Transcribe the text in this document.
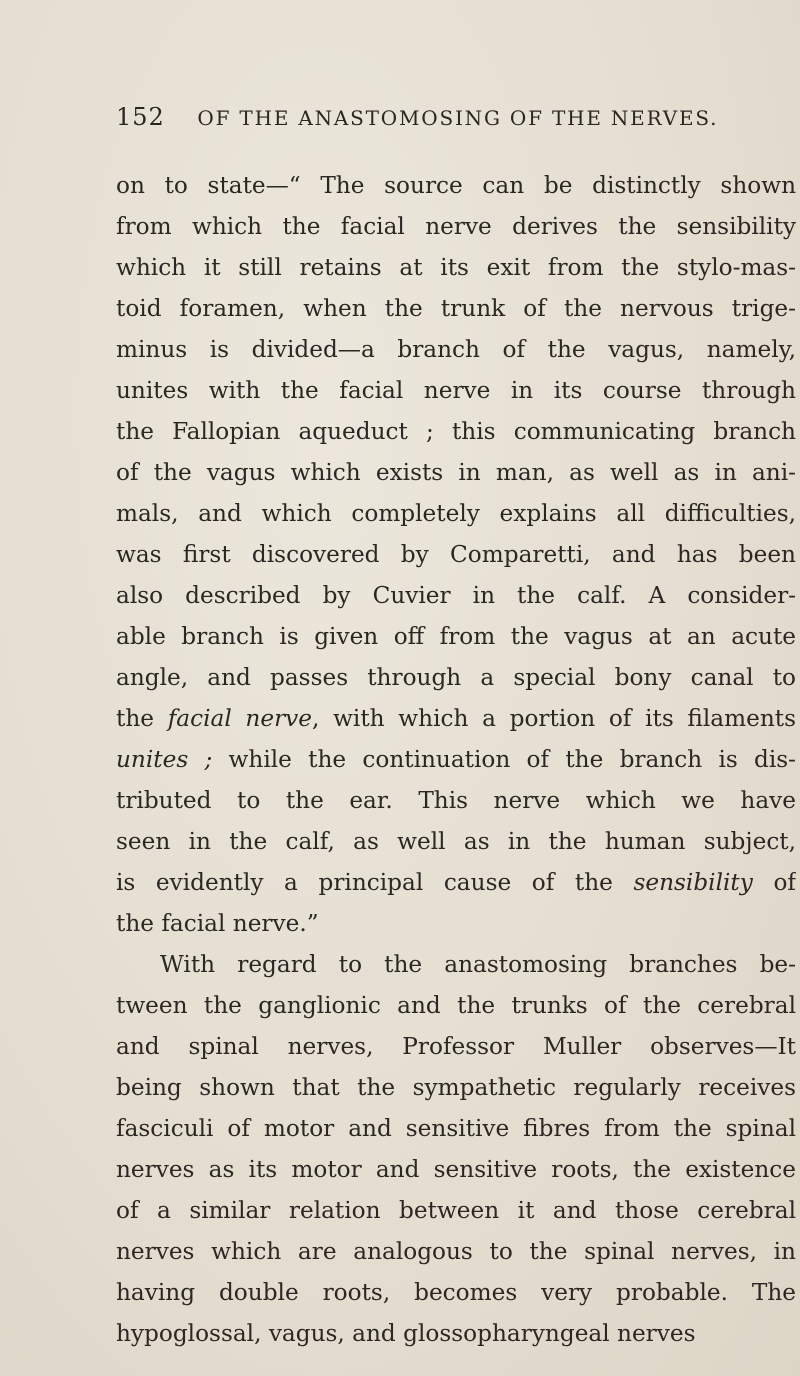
152 OF THE ANASTOMOSING OF THE NERVES.
on to state—“ The source can be distinctly shown
from which the facial nerve derives the sensibility
which it still retains at its exit from the stylo-mas-
toid foramen, when the trunk of the nervous trige-
minus is divided—a branch of the vagus, namely,
unites with the facial nerve in its course through
the Fallopian aqueduct ; this communicating branch
of the vagus which exists in man, as well as in ani-
mals, and which completely explains all difficulties,
was first discovered by Comparetti, and has been
also described by Cuvier in the calf. A consider-
able branch is given off from the vagus at an acute
angle, and passes through a special bony canal to
the facial nerve, with which a portion of its filaments
unites ; while the continuation of the branch is dis-
tributed to the ear. This nerve which we have
seen in the calf, as well as in the human subject,
is evidently a principal cause of the sensibility of
the facial nerve.”
With regard to the anastomosing branches be-
tween the ganglionic and the trunks of the cerebral
and spinal nerves, Professor Muller observes—It
being shown that the sympathetic regularly receives
fasciculi of motor and sensitive fibres from the spinal
nerves as its motor and sensitive roots, the existence
of a similar relation between it and those cerebral
nerves which are analogous to the spinal nerves, in
having double roots, becomes very probable. The
hypoglossal, vagus, and glossopharyngeal nerves
